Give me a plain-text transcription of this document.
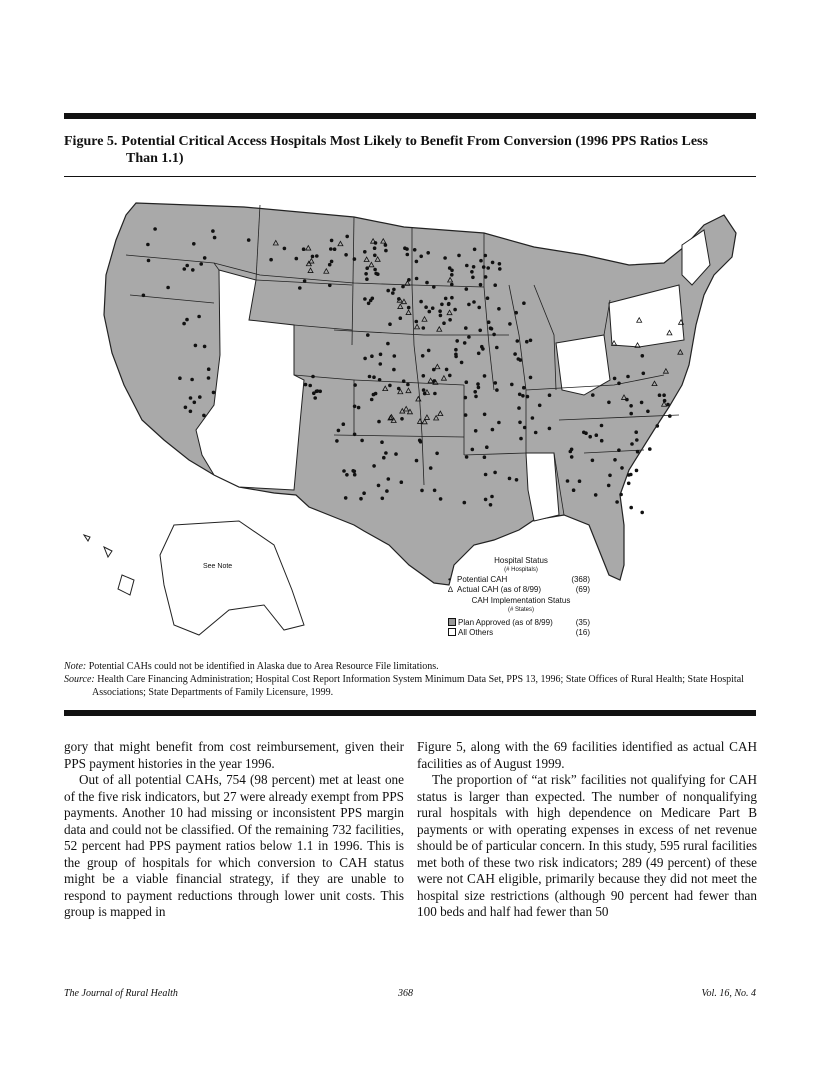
Figure 5. Potential Critical Access Hospitals Most Likely to Benefit From Conversion (1996 PPS Ratios Less
Than 1.1)
See Note
Hospital Status
(# Hospitals)
• Potential CAH	(368)
∆ Actual CAH (as of 8/99)	(69)
CAH Implementation Status
(# States)
Plan Approved (as of 8/99)	(35)
All Others	(16)

Note: Potential CAHs could not be identified in Alaska due to Area Resource File limitations.

Source: Health Care Financing Administration; Hospital Cost Report Information System Minimum Data Set, PPS 13, 1996; State Offices of Rural Health; State Hospital Associations; State Departments of Family Licensure, 1999.

gory that might benefit from cost reimbursement, given their PPS payment histories in the year 1996.

Out of all potential CAHs, 754 (98 percent) met at least one of the five risk indicators, but 27 were already exempt from PPS payments. Another 10 had missing or inconsistent PPS margin data and could not be classified. Of the remaining 732 facilities, 52 percent had PPS payment ratios below 1.1 in 1996. This is the group of hospitals for which conversion to CAH status might be a viable financial strategy, if they are unable to respond to payment reductions through lower unit costs. This group is mapped in

Figure 5, along with the 69 facilities identified as actual CAH facilities as of August 1999.

The proportion of “at risk” facilities not qualifying for CAH status is larger than expected. The number of nonqualifying rural hospitals with high dependence on Medicare Part B payments or with operating expenses in excess of net revenue should be of particular concern. In this study, 595 rural facilities met both of these two risk indicators; 289 (49 percent) of these were not CAH eligible, primarily because they did not meet the hospital size restrictions (although 90 percent had fewer than 100 beds and half had fewer than 50

The Journal of Rural Health	368	Vol. 16, No. 4
